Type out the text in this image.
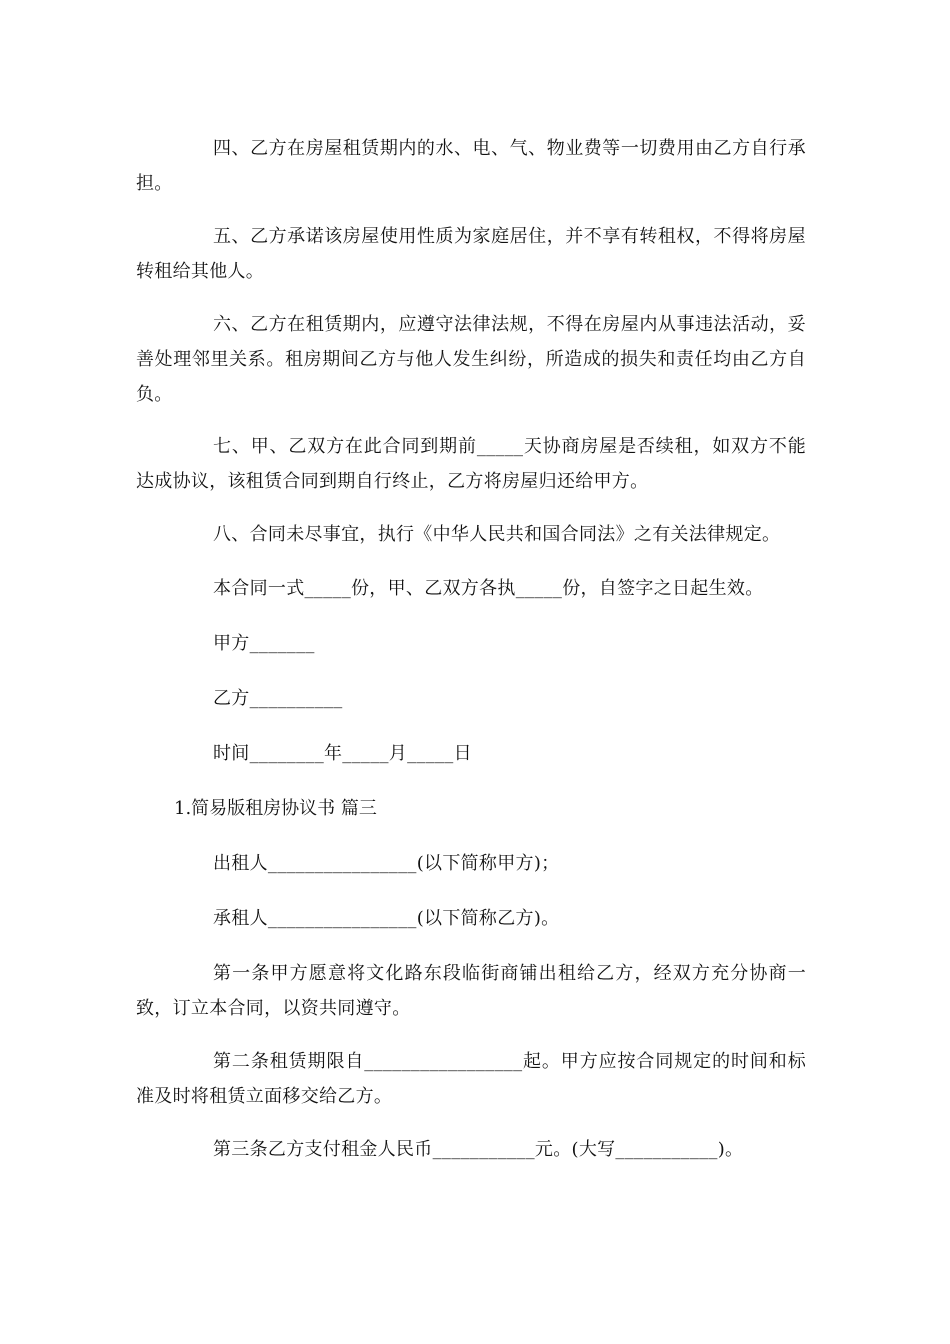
四、乙方在房屋租赁期内的水、电、气、物业费等一切费用由乙方自行承担。
五、乙方承诺该房屋使用性质为家庭居住，并不享有转租权，不得将房屋转租给其他人。
六、乙方在租赁期内，应遵守法律法规，不得在房屋内从事违法活动，妥善处理邻里关系。租房期间乙方与他人发生纠纷，所造成的损失和责任均由乙方自负。
七、甲、乙双方在此合同到期前_____天协商房屋是否续租，如双方不能达成协议，该租赁合同到期自行终止，乙方将房屋归还给甲方。
八、合同未尽事宜，执行《中华人民共和国合同法》之有关法律规定。
本合同一式_____份，甲、乙双方各执_____份，自签字之日起生效。
甲方_______
乙方__________
时间________年_____月_____日
1.简易版租房协议书 篇三
出租人________________(以下简称甲方)；
承租人________________(以下简称乙方)。
第一条甲方愿意将文化路东段临街商铺出租给乙方，经双方充分协商一致，订立本合同，以资共同遵守。
第二条租赁期限自_________________起。甲方应按合同规定的时间和标准及时将租赁立面移交给乙方。
第三条乙方支付租金人民币___________元。(大写___________)。
